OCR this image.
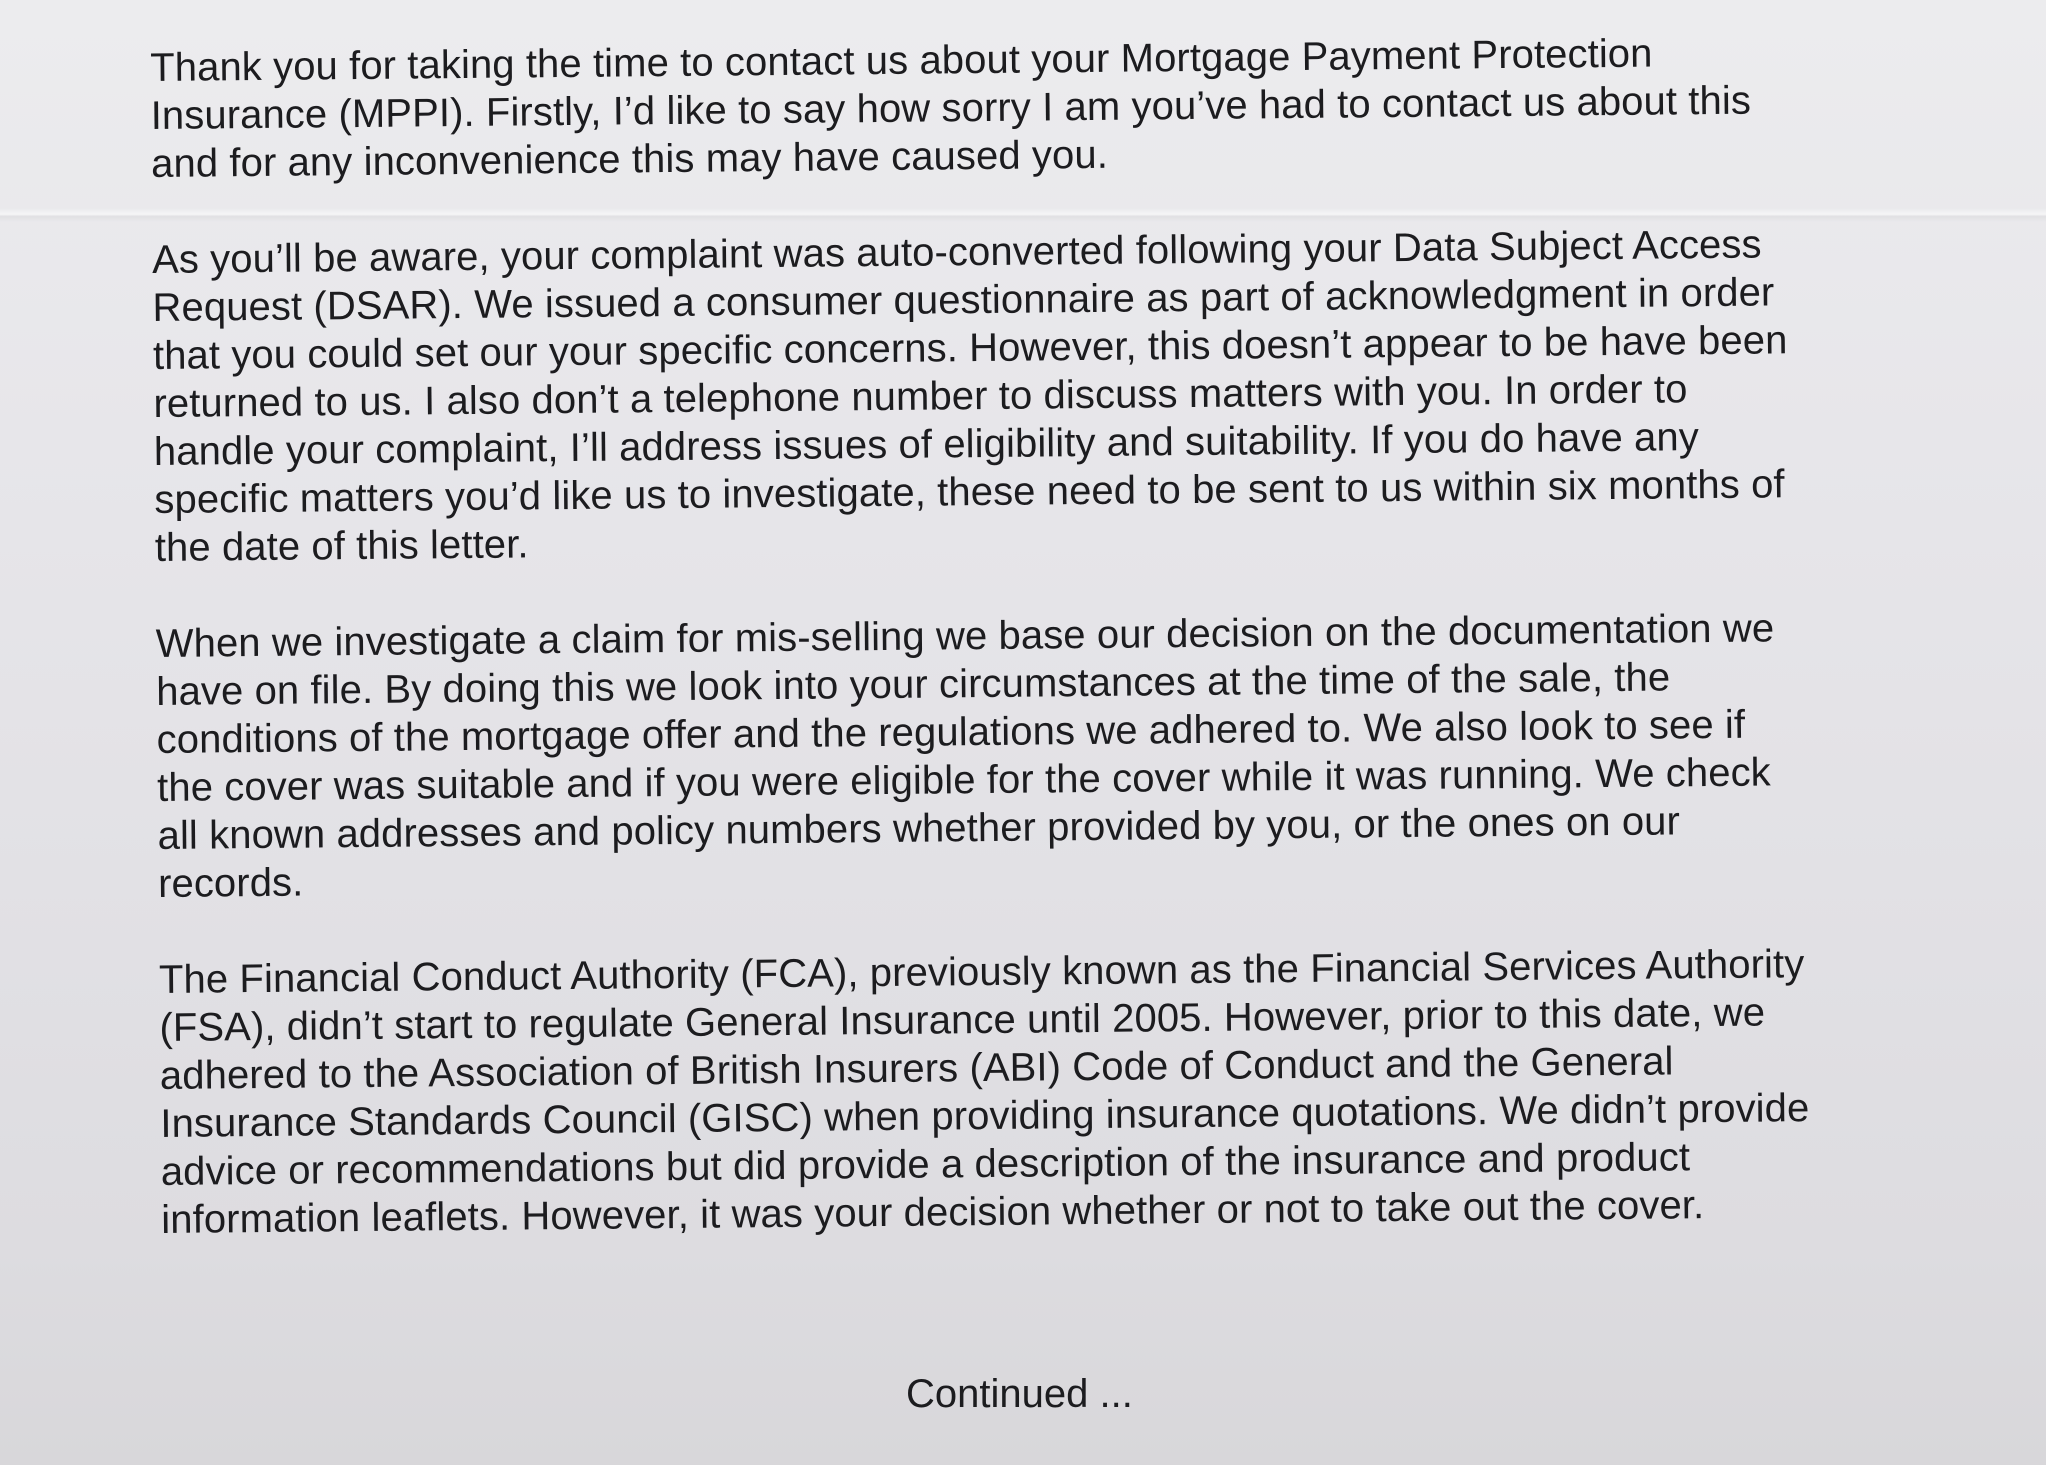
Thank you for taking the time to contact us about your Mortgage Payment Protection
Insurance (MPPI). Firstly, I’d like to say how sorry I am you’ve had to contact us about this
and for any inconvenience this may have caused you.

As you’ll be aware, your complaint was auto-converted following your Data Subject Access
Request (DSAR). We issued a consumer questionnaire as part of acknowledgment in order
that you could set our your specific concerns. However, this doesn’t appear to be have been
returned to us. I also don’t a telephone number to discuss matters with you. In order to
handle your complaint, I’ll address issues of eligibility and suitability. If you do have any
specific matters you’d like us to investigate, these need to be sent to us within six months of
the date of this letter.

When we investigate a claim for mis-selling we base our decision on the documentation we
have on file. By doing this we look into your circumstances at the time of the sale, the
conditions of the mortgage offer and the regulations we adhered to. We also look to see if
the cover was suitable and if you were eligible for the cover while it was running. We check
all known addresses and policy numbers whether provided by you, or the ones on our
records.

The Financial Conduct Authority (FCA), previously known as the Financial Services Authority
(FSA), didn’t start to regulate General Insurance until 2005. However, prior to this date, we
adhered to the Association of British Insurers (ABI) Code of Conduct and the General
Insurance Standards Council (GISC) when providing insurance quotations. We didn’t provide
advice or recommendations but did provide a description of the insurance and product
information leaflets. However, it was your decision whether or not to take out the cover.

Continued ...
